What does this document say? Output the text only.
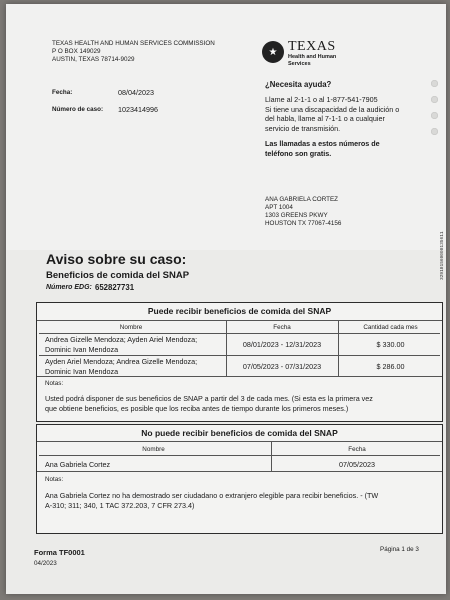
TEXAS HEALTH AND HUMAN SERVICES COMMISSION
P O BOX 149029
AUSTIN, TEXAS 78714-9029
★ TEXAS
Health and Human
Services
Fecha:	08/04/2023
Número de caso: 1023414996
¿Necesita ayuda?
Llame al 2-1-1 o al 1-877-541-7905
Si tiene una discapacidad de la audición o
del habla, llame al 7-1-1 o a cualquier
servicio de transmisión.
Las llamadas a estos números de
teléfono son gratis.
ANA GABRIELA CORTEZ
APT 1004
1303 GREENS PKWY
HOUSTON TX 77067-4156
329101560000135611
Aviso sobre su caso:
Beneficios de comida del SNAP
Número EDG: 652827731
Puede recibir beneficios de comida del SNAP
Nombre	Fecha	Cantidad cada mes
Andrea Gizelle Mendoza; Ayden Ariel Mendoza;
Dominic Ivan Mendoza	08/01/2023 - 12/31/2023	$ 330.00
Ayden Ariel Mendoza; Andrea Gizelle Mendoza;
Dominic Ivan Mendoza	07/05/2023 - 07/31/2023	$ 286.00
Notas:
Usted podrá disponer de sus beneficios de SNAP a partir del 3 de cada mes. (Si esta es la primera vez
que obtiene beneficios, es posible que los reciba antes de tiempo durante los primeros meses.)
No puede recibir beneficios de comida del SNAP
Nombre	Fecha
Ana Gabriela Cortez	07/05/2023
Notas:
Ana Gabriela Cortez no ha demostrado ser ciudadano o extranjero elegible para recibir beneficios. - (TW
A-310; 311; 340, 1 TAC 372.203, 7 CFR 273.4)
Forma TF0001
04/2023
Página 1 de 3
